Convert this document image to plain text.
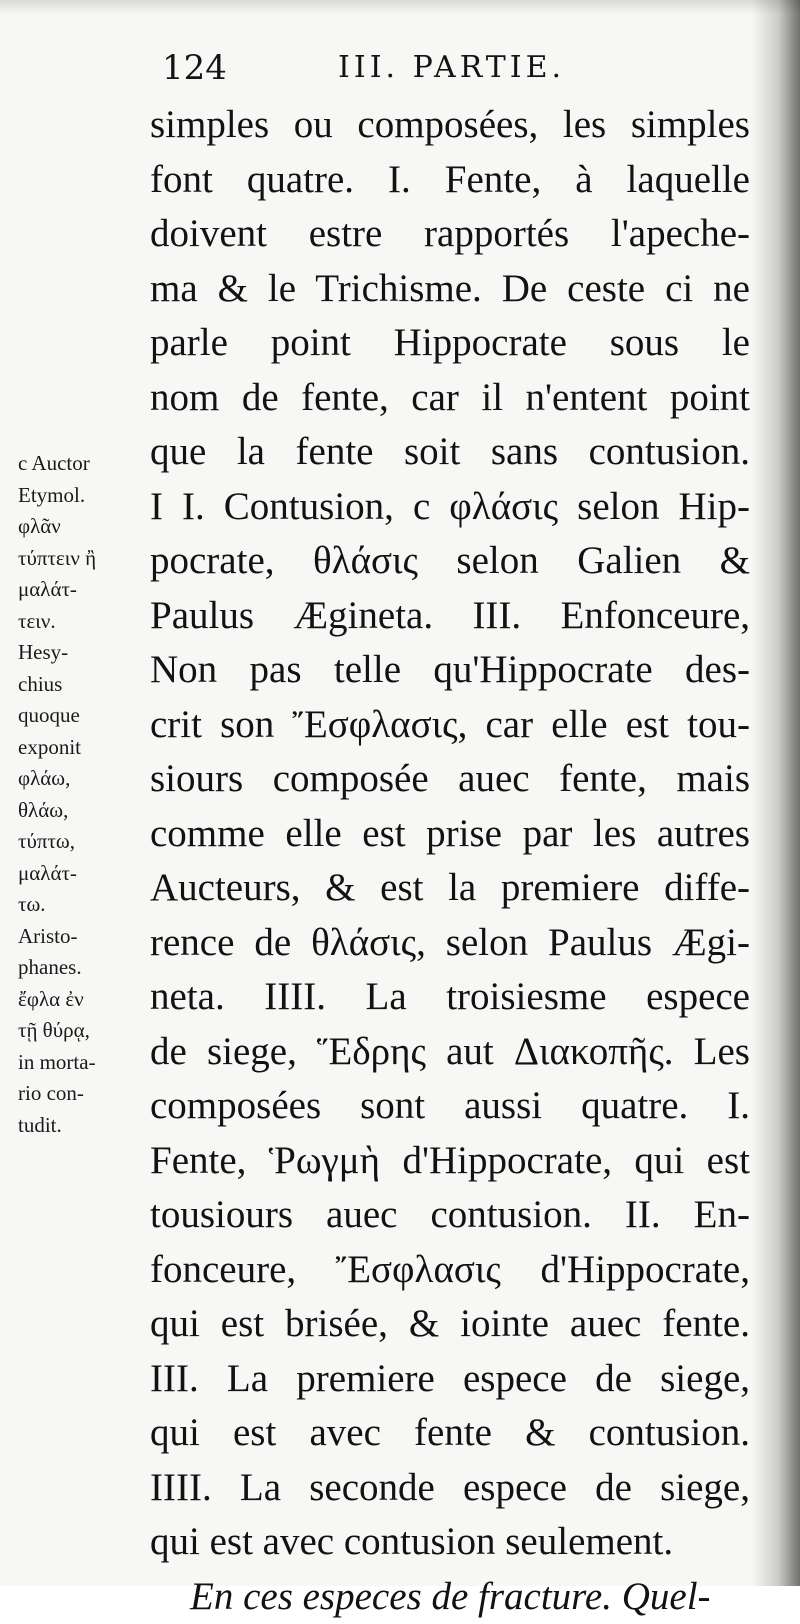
124	III. PARTIE.
c Auctor
Etymol.
φλᾶν
τύπτειν ἢ
μαλάτ-
τειν.
Hesy-
chius
quoque
exponit
φλάω,
θλάω,
τύπτω,
μαλάτ-
τω.
Aristo-
phanes.
ἔφλα ἐν
τῇ θύρᾳ,
in morta-
rio con-
tudit.
simples ou composées, les simples
font quatre. I. Fente, à laquelle
doivent estre rapportés l'apeche-
ma & le Trichisme. De ceste ci ne
parle point Hippocrate sous le
nom de fente, car il n'entent point
que la fente soit sans contusion.
I I. Contusion, c φλάσις selon Hip-
pocrate, θλάσις selon Galien &
Paulus Ægineta. III. Enfonceure,
Non pas telle qu'Hippocrate des-
crit son Ἔσφλασις, car elle est tou-
siours composée auec fente, mais
comme elle est prise par les autres
Aucteurs, & est la premiere diffe-
rence de θλάσις, selon Paulus Ægi-
neta. IIII. La troisiesme espece
de siege, Ἕδρης aut Διακοπῆς. Les
composées sont aussi quatre. I.
Fente, Ῥωγμὴ d'Hippocrate, qui est
tousiours auec contusion. II. En-
fonceure, Ἔσφλασις d'Hippocrate,
qui est brisée, & iointe auec fente.
III. La premiere espece de siege,
qui est avec fente & contusion.
IIII. La seconde espece de siege,
qui est avec contusion seulement.
En ces especes de fracture. Quel-
